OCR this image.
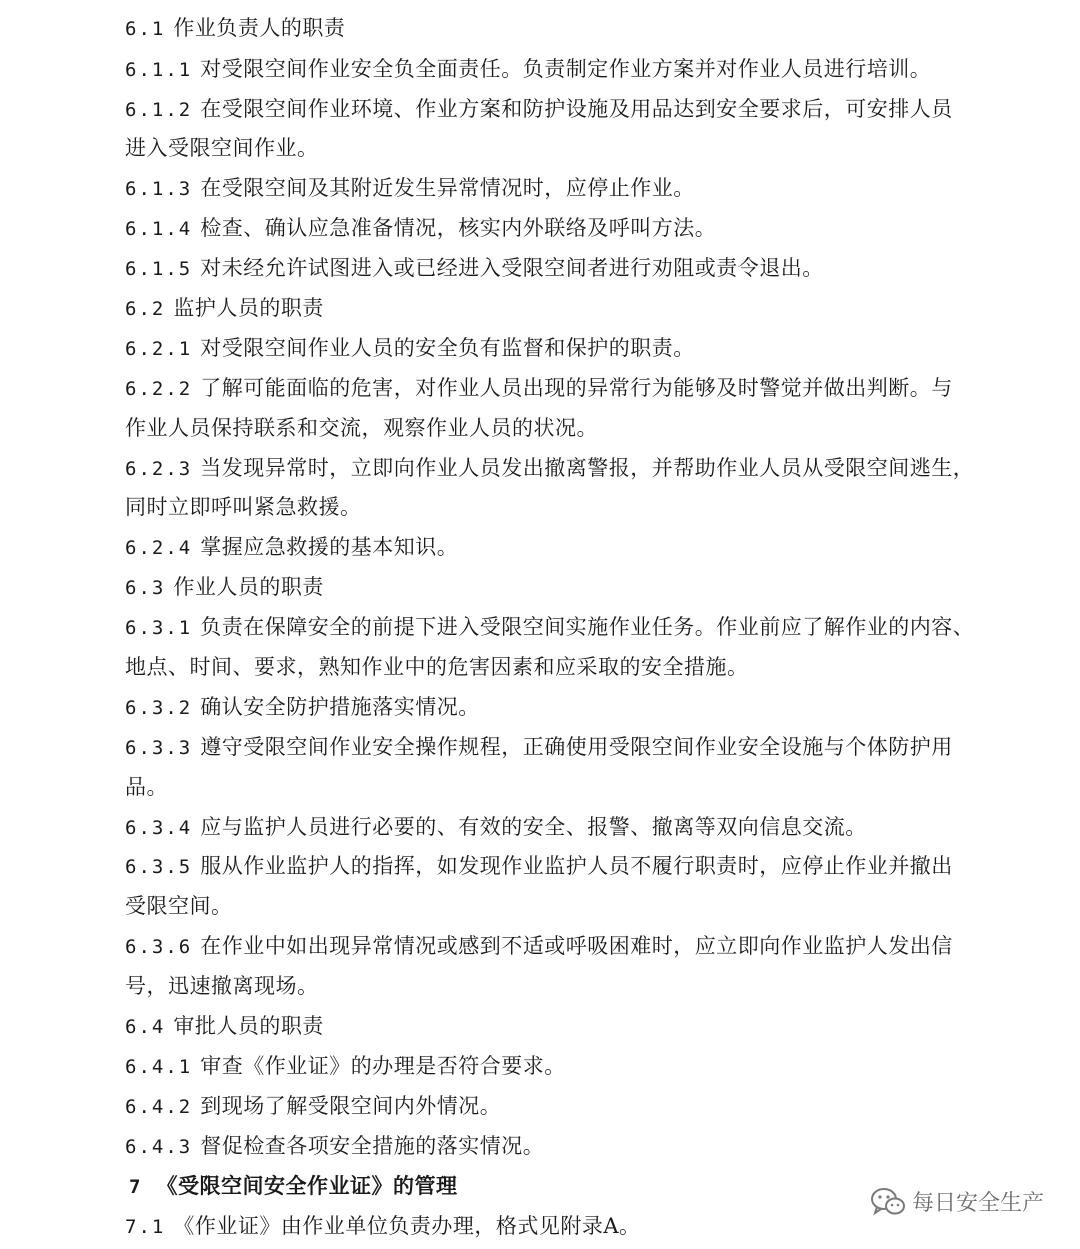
6.1 作业负责人的职责
6.1.1 对受限空间作业安全负全面责任。负责制定作业方案并对作业人员进行培训。
6.1.2 在受限空间作业环境、作业方案和防护设施及用品达到安全要求后，可安排人员
进入受限空间作业。
6.1.3 在受限空间及其附近发生异常情况时，应停止作业。
6.1.4 检查、确认应急准备情况，核实内外联络及呼叫方法。
6.1.5 对未经允许试图进入或已经进入受限空间者进行劝阻或责令退出。
6.2 监护人员的职责
6.2.1 对受限空间作业人员的安全负有监督和保护的职责。
6.2.2 了解可能面临的危害，对作业人员出现的异常行为能够及时警觉并做出判断。与
作业人员保持联系和交流，观察作业人员的状况。
6.2.3 当发现异常时，立即向作业人员发出撤离警报，并帮助作业人员从受限空间逃生，
同时立即呼叫紧急救援。
6.2.4 掌握应急救援的基本知识。
6.3 作业人员的职责
6.3.1 负责在保障安全的前提下进入受限空间实施作业任务。作业前应了解作业的内容、
地点、时间、要求，熟知作业中的危害因素和应采取的安全措施。
6.3.2 确认安全防护措施落实情况。
6.3.3 遵守受限空间作业安全操作规程，正确使用受限空间作业安全设施与个体防护用
品。
6.3.4 应与监护人员进行必要的、有效的安全、报警、撤离等双向信息交流。
6.3.5 服从作业监护人的指挥，如发现作业监护人员不履行职责时，应停止作业并撤出
受限空间。
6.3.6 在作业中如出现异常情况或感到不适或呼吸困难时，应立即向作业监护人发出信
号，迅速撤离现场。
6.4 审批人员的职责
6.4.1 审查《作业证》的办理是否符合要求。
6.4.2 到现场了解受限空间内外情况。
6.4.3 督促检查各项安全措施的落实情况。
7 《受限空间安全作业证》的管理
7.1 《作业证》由作业单位负责办理，格式见附录A。
每日安全生产
